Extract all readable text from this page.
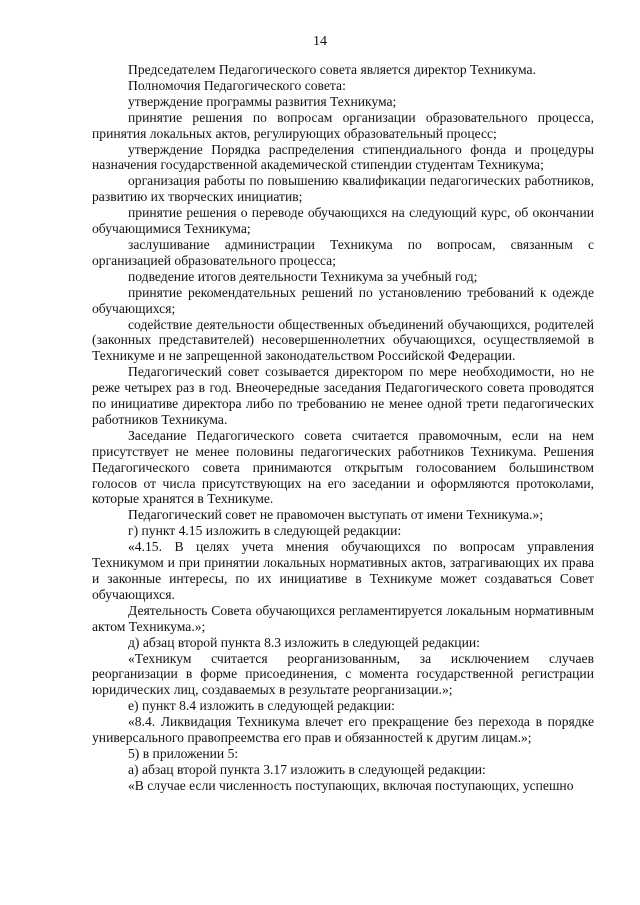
14

Председателем Педагогического совета является директор Техникума.

Полномочия Педагогического совета:

утверждение программы развития Техникума;

принятие решения по вопросам организации образовательного процесса, принятия локальных актов, регулирующих образовательный процесс;

утверждение Порядка распределения стипендиального фонда и процедуры назначения государственной академической стипендии студентам Техникума;

организация работы по повышению квалификации педагогических работников, развитию их творческих инициатив;

принятие решения о переводе обучающихся на следующий курс, об окончании обучающимися Техникума;

заслушивание администрации Техникума по вопросам, связанным с организацией образовательного процесса;

подведение итогов деятельности Техникума за учебный год;

принятие рекомендательных решений по установлению требований к одежде обучающихся;

содействие деятельности общественных объединений обучающихся, родителей (законных представителей) несовершеннолетних обучающихся, осуществляемой в Техникуме и не запрещенной законодательством Российской Федерации.

Педагогический совет созывается директором по мере необходимости, но не реже четырех раз в год. Внеочередные заседания Педагогического совета проводятся по инициативе директора либо по требованию не менее одной трети педагогических работников Техникума.

Заседание Педагогического совета считается правомочным, если на нем присутствует не менее половины педагогических работников Техникума. Решения Педагогического совета принимаются открытым голосованием большинством голосов от числа присутствующих на его заседании и оформляются протоколами, которые хранятся в Техникуме.

Педагогический совет не правомочен выступать от имени Техникума.»;

г) пункт 4.15 изложить в следующей редакции:

«4.15. В целях учета мнения обучающихся по вопросам управления Техникумом и при принятии локальных нормативных актов, затрагивающих их права и законные интересы, по их инициативе в Техникуме может создаваться Совет обучающихся.

Деятельность Совета обучающихся регламентируется локальным нормативным актом Техникума.»;

д) абзац второй пункта 8.3 изложить в следующей редакции:

«Техникум считается реорганизованным, за исключением случаев реорганизации в форме присоединения, с момента государственной регистрации юридических лиц, создаваемых в результате реорганизации.»;

е) пункт 8.4 изложить в следующей редакции:

«8.4. Ликвидация Техникума влечет его прекращение без перехода в порядке универсального правопреемства его прав и обязанностей к другим лицам.»;

5) в приложении 5:

а) абзац второй пункта 3.17 изложить в следующей редакции:

«В случае если численность поступающих, включая поступающих, успешно
